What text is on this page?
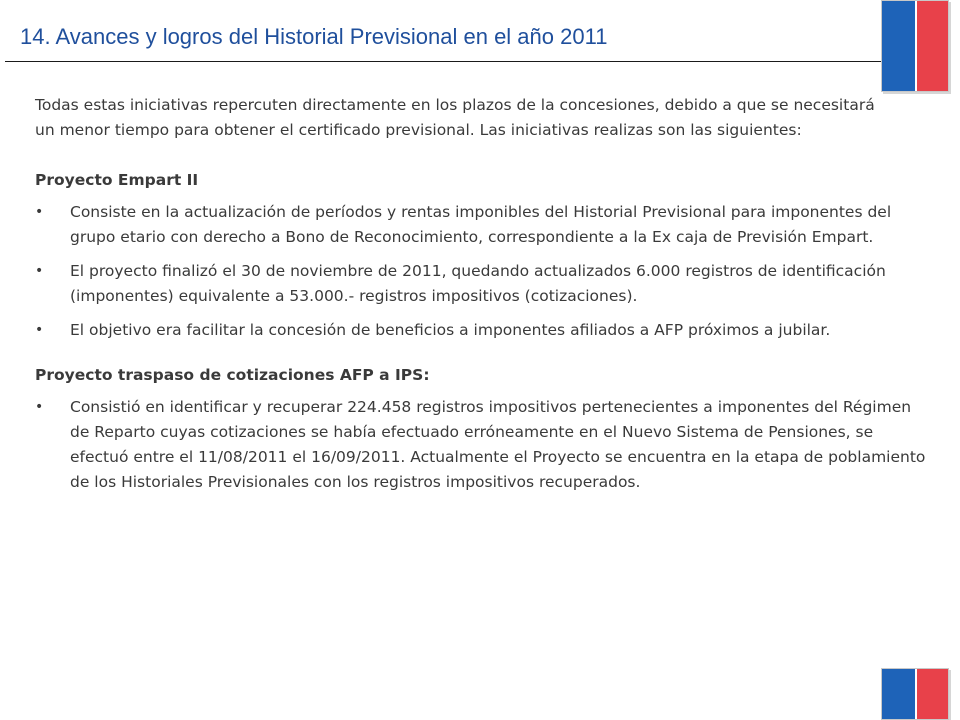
14. Avances y logros del Historial Previsional en el año 2011

Todas estas iniciativas repercuten directamente en los plazos de la concesiones, debido a que se necesitará un menor tiempo para obtener el certificado previsional. Las iniciativas realizas son las siguientes:

Proyecto Empart II

• Consiste en la actualización de períodos y rentas imponibles del Historial Previsional para imponentes del grupo etario con derecho a Bono de Reconocimiento, correspondiente a la Ex caja de Previsión Empart.
• El proyecto finalizó el 30 de noviembre de 2011, quedando actualizados 6.000 registros de identificación (imponentes) equivalente a 53.000.- registros impositivos (cotizaciones).
• El objetivo era facilitar la concesión de beneficios a imponentes afiliados a AFP próximos a jubilar.

Proyecto traspaso de cotizaciones AFP a IPS:

• Consistió en identificar y recuperar 224.458 registros impositivos pertenecientes a imponentes del Régimen de Reparto cuyas cotizaciones se había efectuado erróneamente en el Nuevo Sistema de Pensiones, se efectuó entre el 11/08/2011 el 16/09/2011. Actualmente el Proyecto se encuentra en la etapa de poblamiento de los Historiales Previsionales con los registros impositivos recuperados.
